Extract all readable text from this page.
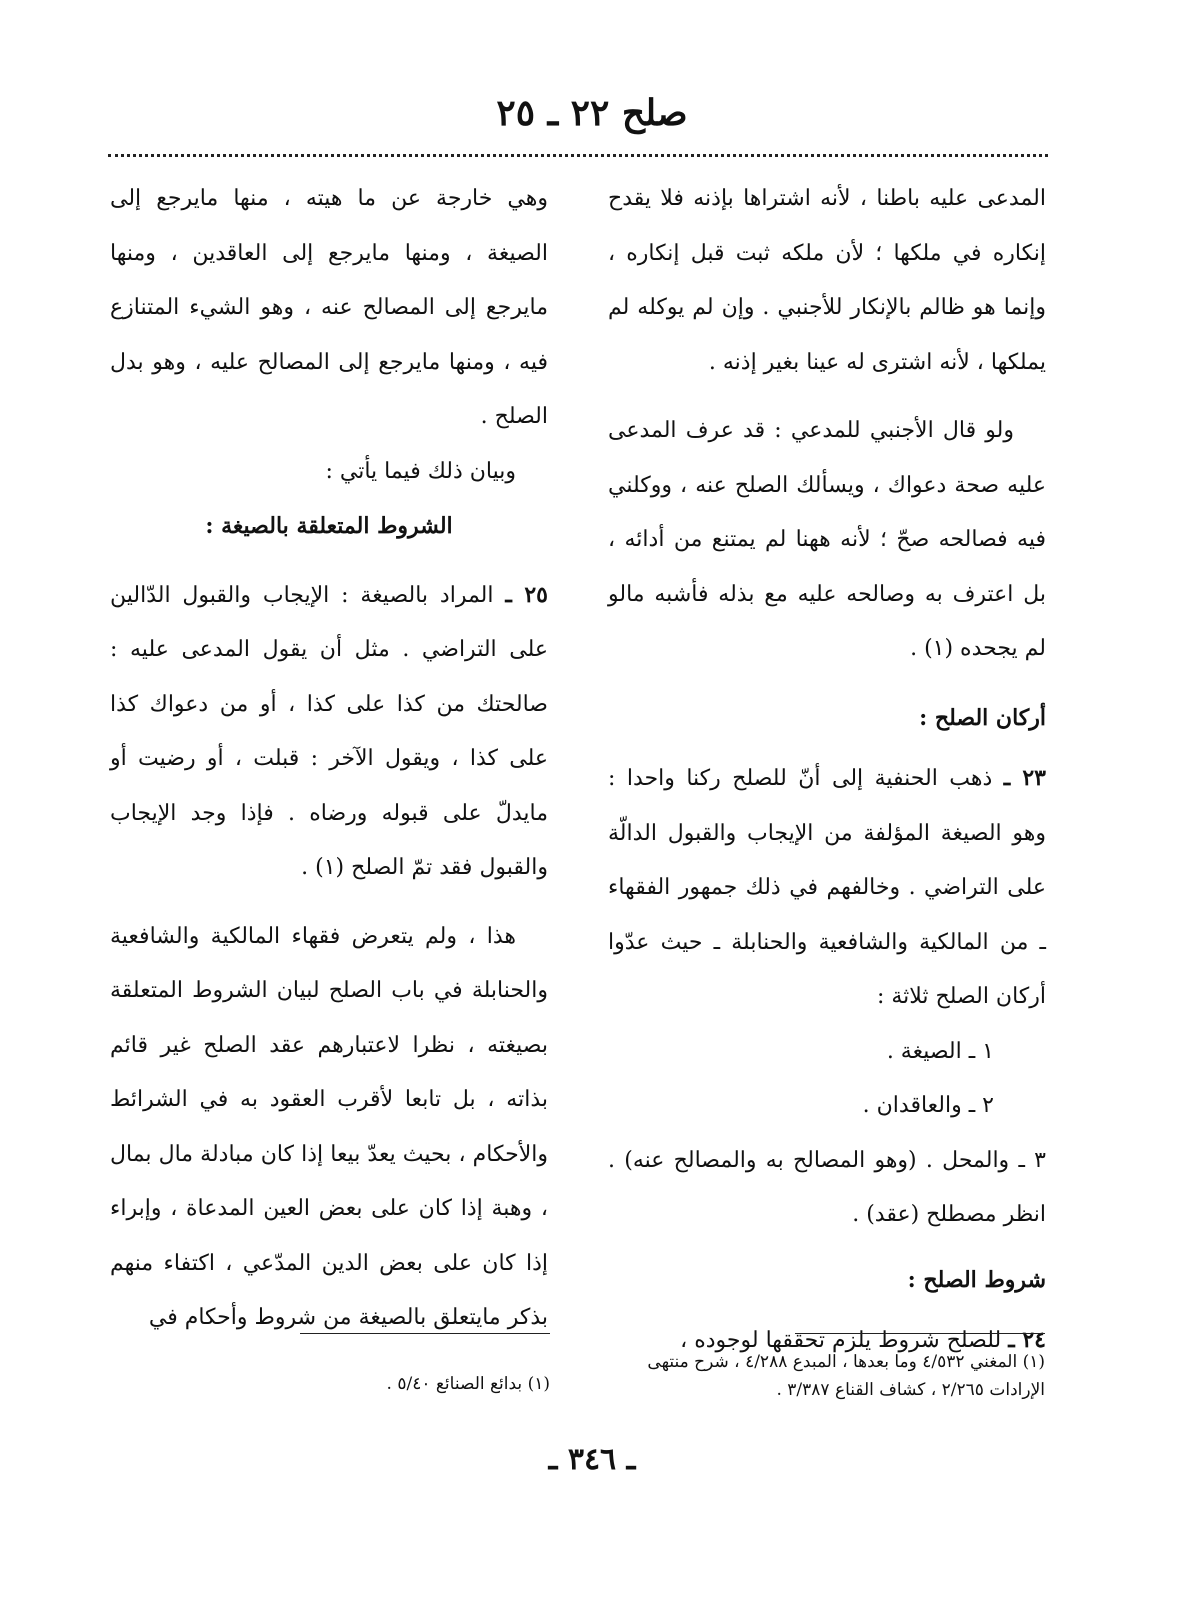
صلح ٢٢ ـ ٢٥

المدعى عليه باطنا ، لأنه اشتراها بإذنه فلا يقدح إنكاره في ملكها ؛ لأن ملكه ثبت قبل إنكاره ، وإنما هو ظالم بالإنكار للأجنبي . وإن لم يوكله لم يملكها ، لأنه اشترى له عينا بغير إذنه .

ولو قال الأجنبي للمدعي : قد عرف المدعى عليه صحة دعواك ، ويسألك الصلح عنه ، ووكلني فيه فصالحه صحّ ؛ لأنه ههنا لم يمتنع من أدائه ، بل اعترف به وصالحه عليه مع بذله فأشبه مالو لم يجحده (١) .

أركان الصلح :

٢٣ ـ ذهب الحنفية إلى أنّ للصلح ركنا واحدا : وهو الصيغة المؤلفة من الإيجاب والقبول الدالّة على التراضي . وخالفهم في ذلك جمهور الفقهاء ـ من المالكية والشافعية والحنابلة ـ حيث عدّوا أركان الصلح ثلاثة :

١ ـ الصيغة .

٢ ـ والعاقدان .

٣ ـ والمحل . (وهو المصالح به والمصالح عنه) . انظر مصطلح (عقد) .

شروط الصلح :

٢٤ ـ للصلح شروط يلزم تحققها لوجوده ،

وهي خارجة عن ما هيته ، منها مايرجع إلى الصيغة ، ومنها مايرجع إلى العاقدين ، ومنها مايرجع إلى المصالح عنه ، وهو الشيء المتنازع فيه ، ومنها مايرجع إلى المصالح عليه ، وهو بدل الصلح .

وبيان ذلك فيما يأتي :

الشروط المتعلقة بالصيغة :

٢٥ ـ المراد بالصيغة : الإيجاب والقبول الدّالين على التراضي . مثل أن يقول المدعى عليه : صالحتك من كذا على كذا ، أو من دعواك كذا على كذا ، ويقول الآخر : قبلت ، أو رضيت أو مايدلّ على قبوله ورضاه . فإذا وجد الإيجاب والقبول فقد تمّ الصلح (١) .

هذا ، ولم يتعرض فقهاء المالكية والشافعية والحنابلة في باب الصلح لبيان الشروط المتعلقة بصيغته ، نظرا لاعتبارهم عقد الصلح غير قائم بذاته ، بل تابعا لأقرب العقود به في الشرائط والأحكام ، بحيث يعدّ بيعا إذا كان مبادلة مال بمال ، وهبة إذا كان على بعض العين المدعاة ، وإبراء إذا كان على بعض الدين المدّعي ، اكتفاء منهم بذكر مايتعلق بالصيغة من شروط وأحكام في

(١) المغني ٤/٥٣٢ وما بعدها ، المبدع ٤/٢٨٨ ، شرح منتهى الإرادات ٢/٢٦٥ ، كشاف القناع ٣/٣٨٧ .
(١) بدائع الصنائع ٥/٤٠ .
ـ ٣٤٦ ـ
